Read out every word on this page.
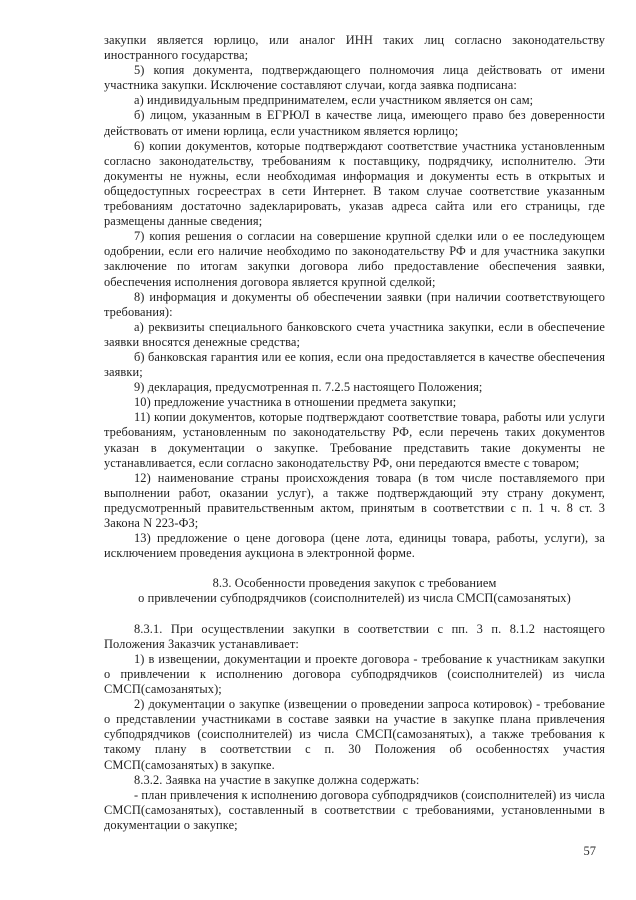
закупки является юрлицо, или аналог ИНН таких лиц согласно законодательству иностранного государства;

5) копия документа, подтверждающего полномочия лица действовать от имени участника закупки. Исключение составляют случаи, когда заявка подписана:

а) индивидуальным предпринимателем, если участником является он сам;

б) лицом, указанным в ЕГРЮЛ в качестве лица, имеющего право без доверенности действовать от имени юрлица, если участником является юрлицо;

6) копии документов, которые подтверждают соответствие участника установленным согласно законодательству, требованиям к поставщику, подрядчику, исполнителю. Эти документы не нужны, если необходимая информация и документы есть в открытых и общедоступных госреестрах в сети Интернет. В таком случае соответствие указанным требованиям достаточно задекларировать, указав адреса сайта или его страницы, где размещены данные сведения;

7) копия решения о согласии на совершение крупной сделки или о ее последующем одобрении, если его наличие необходимо по законодательству РФ и для участника закупки заключение по итогам закупки договора либо предоставление обеспечения заявки, обеспечения исполнения договора является крупной сделкой;

8) информация и документы об обеспечении заявки (при наличии соответствующего требования):

а) реквизиты специального банковского счета участника закупки, если в обеспечение заявки вносятся денежные средства;

б) банковская гарантия или ее копия, если она предоставляется в качестве обеспечения заявки;

9) декларация, предусмотренная п. 7.2.5 настоящего Положения;

10) предложение участника в отношении предмета закупки;

11) копии документов, которые подтверждают соответствие товара, работы или услуги требованиям, установленным по законодательству РФ, если перечень таких документов указан в документации о закупке. Требование представить такие документы не устанавливается, если согласно законодательству РФ, они передаются вместе с товаром;

12) наименование страны происхождения товара (в том числе поставляемого при выполнении работ, оказании услуг), а также подтверждающий эту страну документ, предусмотренный правительственным актом, принятым в соответствии с п. 1 ч. 8 ст. 3 Закона N 223-ФЗ;

13) предложение о цене договора (цене лота, единицы товара, работы, услуги), за исключением проведения аукциона в электронной форме.

8.3. Особенности проведения закупок с требованием
о привлечении субподрядчиков (соисполнителей) из числа СМСП(самозанятых)

8.3.1. При осуществлении закупки в соответствии с пп. 3 п. 8.1.2 настоящего Положения Заказчик устанавливает:

1) в извещении, документации и проекте договора - требование к участникам закупки о привлечении к исполнению договора субподрядчиков (соисполнителей) из числа СМСП(самозанятых);

2) документации о закупке (извещении о проведении запроса котировок) - требование о представлении участниками в составе заявки на участие в закупке плана привлечения субподрядчиков (соисполнителей) из числа СМСП(самозанятых), а также требования к такому плану в соответствии с п. 30 Положения об особенностях участия СМСП(самозанятых) в закупке.

8.3.2. Заявка на участие в закупке должна содержать:

- план привлечения к исполнению договора субподрядчиков (соисполнителей) из числа СМСП(самозанятых), составленный в соответствии с требованиями, установленными в документации о закупке;

57
